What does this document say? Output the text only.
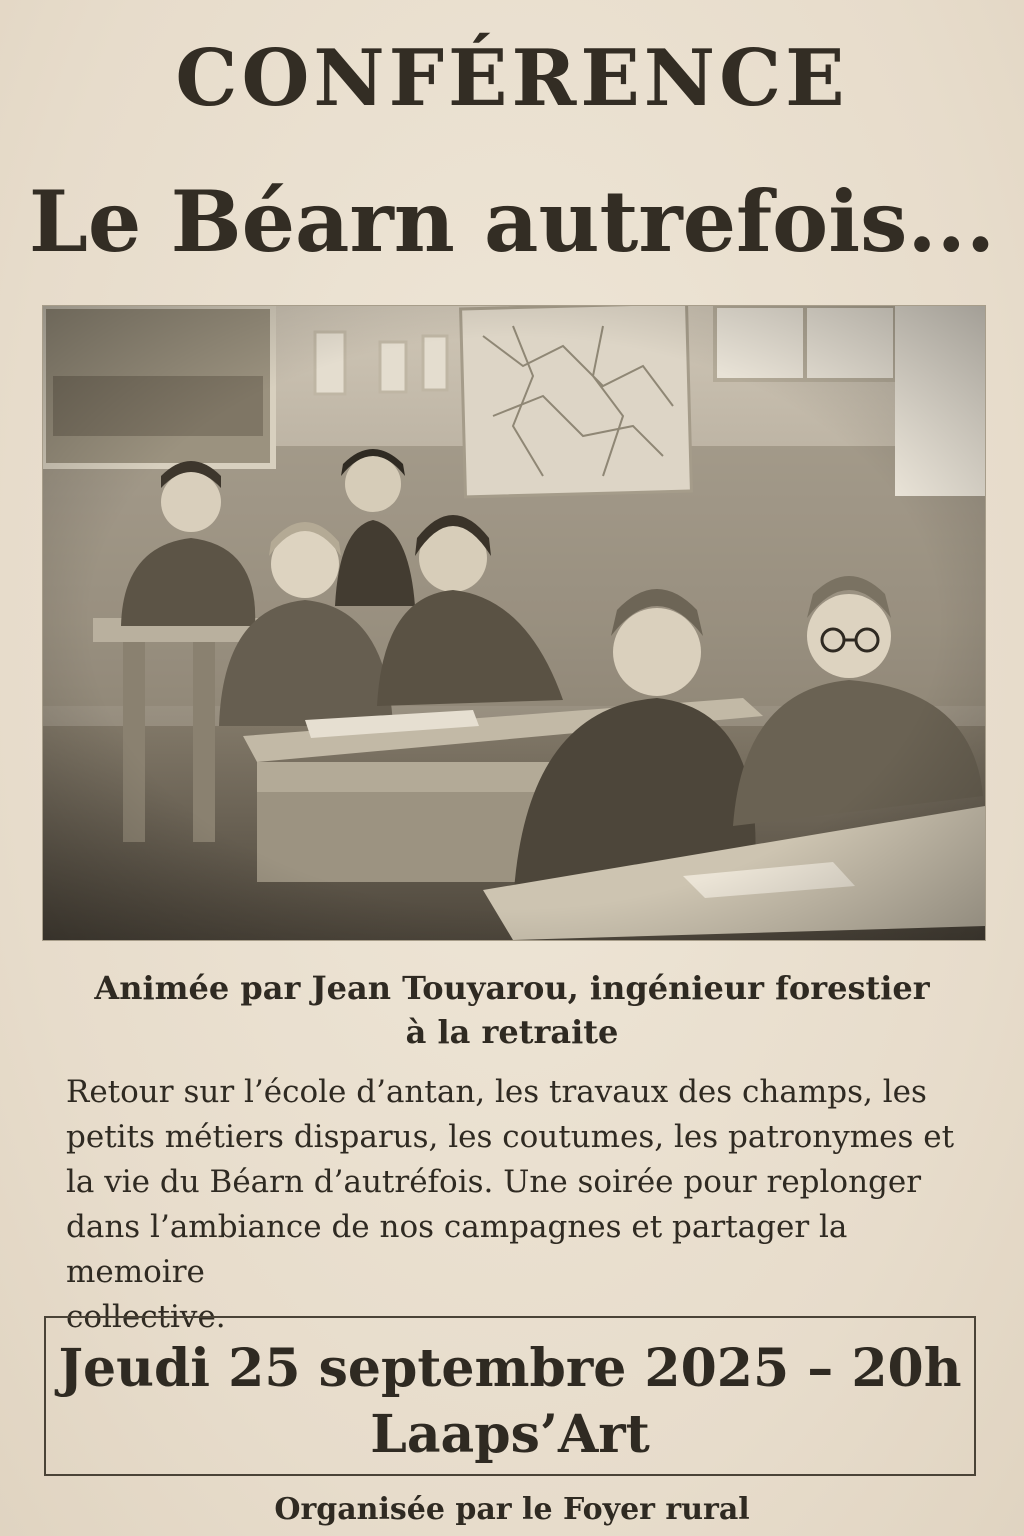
CONFÉRENCE
Le Béarn autrefois...
Animée par Jean Touyarou, ingénieur forestier
à la retraite
Retour sur l’école d’antan, les travaux des champs, les
petits métiers disparus, les coutumes, les patronymes et
la vie du Béarn d’autréfois. Une soirée pour replonger
dans l’ambiance de nos campagnes et partager la memoire
collective.
Jeudi 25 septembre 2025 – 20h
Laaps’Art
Organisée par le Foyer rural
